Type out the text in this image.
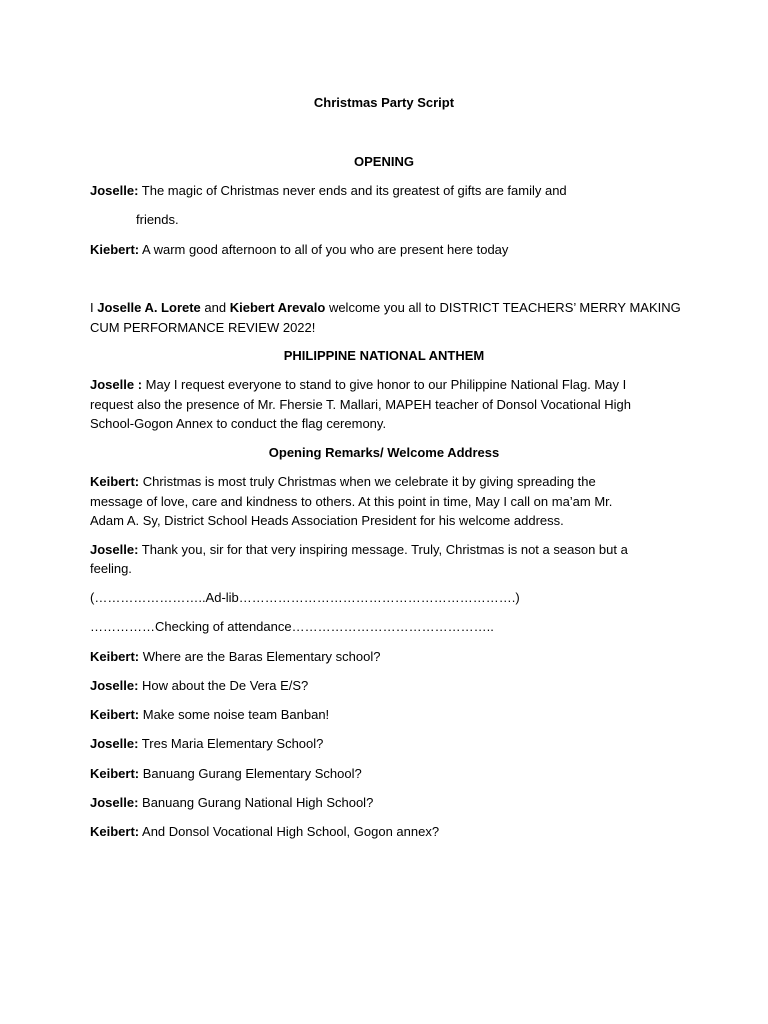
Christmas Party Script
OPENING
Joselle: The magic of Christmas never ends and its greatest of gifts are family and
friends.
Kiebert: A warm good afternoon to all of you who are present here today
I Joselle A. Lorete and Kiebert Arevalo welcome you all to DISTRICT TEACHERS’ MERRY MAKING
CUM PERFORMANCE REVIEW 2022!
PHILIPPINE NATIONAL ANTHEM
Joselle : May I request everyone to stand to give honor to our Philippine National Flag. May I
request also the presence of Mr. Fhersie T. Mallari, MAPEH teacher of Donsol Vocational High
School-Gogon Annex to conduct the flag ceremony.
Opening Remarks/ Welcome Address
Keibert: Christmas is most truly Christmas when we celebrate it by giving spreading the
message of love, care and kindness to others. At this point in time, May I call on ma’am Mr.
Adam A. Sy, District School Heads Association President for his welcome address.
Joselle: Thank you, sir for that very inspiring message. Truly, Christmas is not a season but a
feeling.
(……………………..Ad-lib……………………………………………………….)
……………Checking of attendance………………………………………..
Keibert: Where are the Baras Elementary school?
Joselle: How about the De Vera E/S?
Keibert: Make some noise team Banban!
Joselle: Tres Maria Elementary School?
Keibert: Banuang Gurang Elementary School?
Joselle: Banuang Gurang National High School?
Keibert: And Donsol Vocational High School, Gogon annex?
